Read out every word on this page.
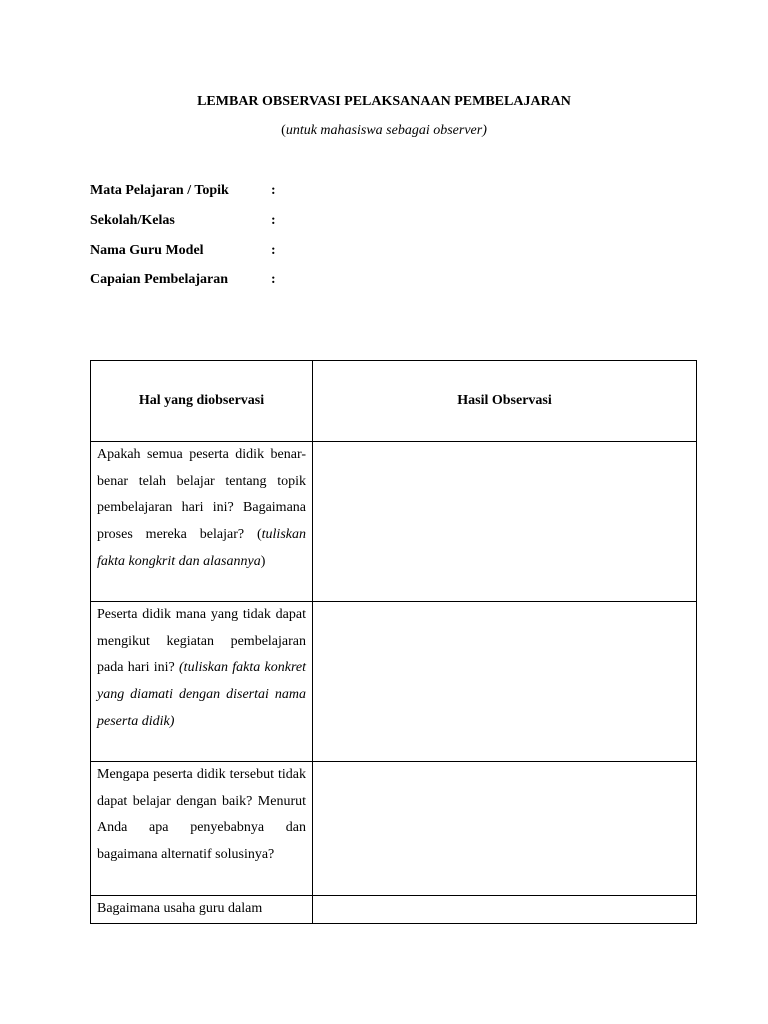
LEMBAR OBSERVASI PELAKSANAAN PEMBELAJARAN
(untuk mahasiswa sebagai observer)
Mata Pelajaran / Topik	:
Sekolah/Kelas	:
Nama Guru Model	:
Capaian Pembelajaran	:
Hal yang diobservasi	Hasil Observasi

Apakah semua peserta didik benar-benar telah belajar tentang topik pembelajaran hari ini? Bagaimana proses mereka belajar? (tuliskan fakta kongkrit dan alasannya)	

Peserta didik mana yang tidak dapat mengikut kegiatan pembelajaran pada hari ini? (tuliskan fakta konkret yang diamati dengan disertai nama peserta didik)	

Mengapa peserta didik tersebut tidak dapat belajar dengan baik? Menurut Anda apa penyebabnya dan bagaimana alternatif solusinya?	

Bagaimana usaha guru dalam	
